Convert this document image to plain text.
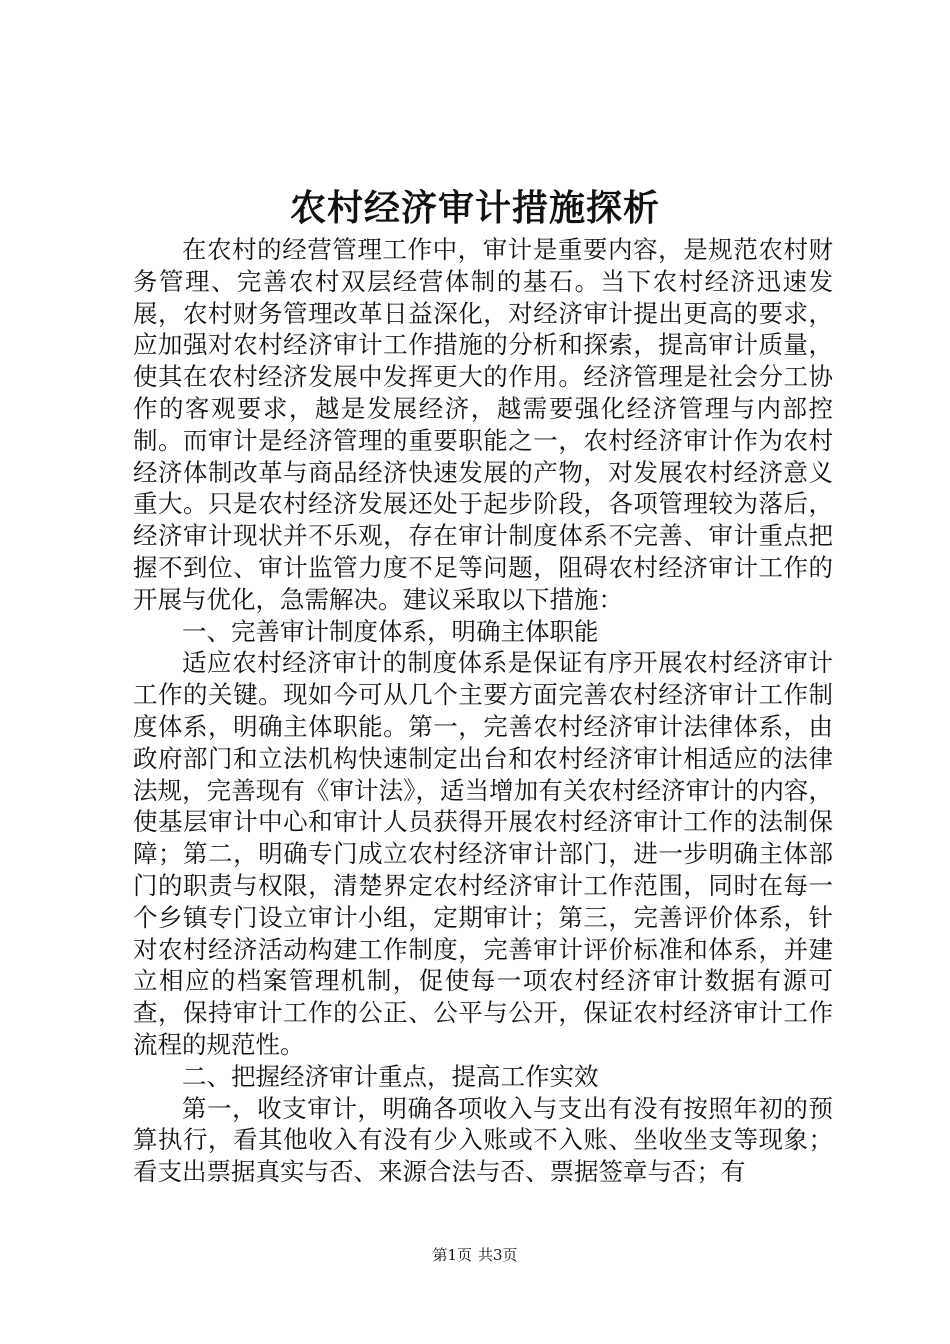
农村经济审计措施探析

在农村的经营管理工作中，审计是重要内容，是规范农村财务管理、完善农村双层经营体制的基石。当下农村经济迅速发展，农村财务管理改革日益深化，对经济审计提出更高的要求，应加强对农村经济审计工作措施的分析和探索，提高审计质量，使其在农村经济发展中发挥更大的作用。经济管理是社会分工协作的客观要求，越是发展经济，越需要强化经济管理与内部控制。而审计是经济管理的重要职能之一，农村经济审计作为农村经济体制改革与商品经济快速发展的产物，对发展农村经济意义重大。只是农村经济发展还处于起步阶段，各项管理较为落后，经济审计现状并不乐观，存在审计制度体系不完善、审计重点把握不到位、审计监管力度不足等问题，阻碍农村经济审计工作的开展与优化，急需解决。建议采取以下措施：

一、完善审计制度体系，明确主体职能

适应农村经济审计的制度体系是保证有序开展农村经济审计工作的关键。现如今可从几个主要方面完善农村经济审计工作制度体系，明确主体职能。第一，完善农村经济审计法律体系，由政府部门和立法机构快速制定出台和农村经济审计相适应的法律法规，完善现有《审计法》，适当增加有关农村经济审计的内容，使基层审计中心和审计人员获得开展农村经济审计工作的法制保障；第二，明确专门成立农村经济审计部门，进一步明确主体部门的职责与权限，清楚界定农村经济审计工作范围，同时在每一个乡镇专门设立审计小组，定期审计；第三，完善评价体系，针对农村经济活动构建工作制度，完善审计评价标准和体系，并建立相应的档案管理机制，促使每一项农村经济审计数据有源可查，保持审计工作的公正、公平与公开，保证农村经济审计工作流程的规范性。

二、把握经济审计重点，提高工作实效

第一，收支审计，明确各项收入与支出有没有按照年初的预算执行，看其他收入有没有少入账或不入账、坐收坐支等现象；看支出票据真实与否、来源合法与否、票据签章与否；有

第1页 共3页
